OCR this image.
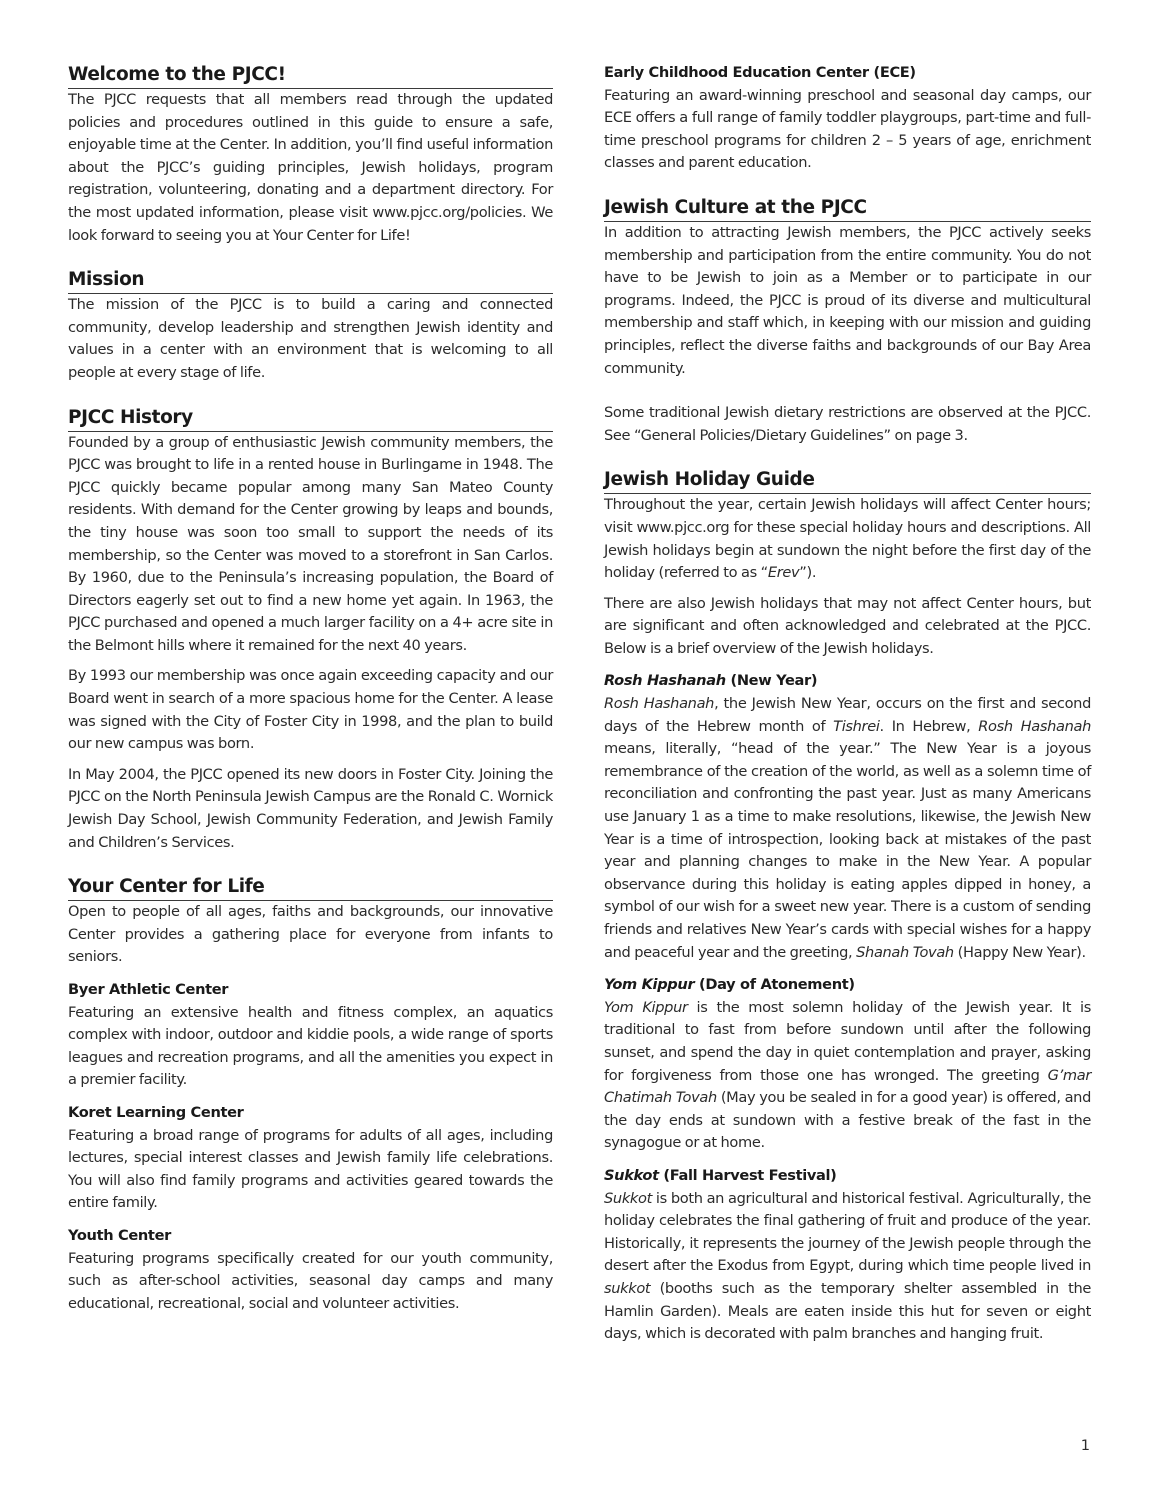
Welcome to the PJCC!

The PJCC requests that all members read through the updated policies and procedures outlined in this guide to ensure a safe, enjoyable time at the Center. In addition, you’ll find useful information about the PJCC’s guiding principles, Jewish holidays, program registration, volunteering, donating and a department directory. For the most updated information, please visit www.pjcc.org/policies. We look forward to seeing you at Your Center for Life!

Mission

The mission of the PJCC is to build a caring and connected community, develop leadership and strengthen Jewish identity and values in a center with an environment that is welcoming to all people at every stage of life.

PJCC History

Founded by a group of enthusiastic Jewish community members, the PJCC was brought to life in a rented house in Burlingame in 1948. The PJCC quickly became popular among many San Mateo County residents. With demand for the Center growing by leaps and bounds, the tiny house was soon too small to support the needs of its membership, so the Center was moved to a storefront in San Carlos. By 1960, due to the Peninsula’s increasing population, the Board of Directors eagerly set out to find a new home yet again. In 1963, the PJCC purchased and opened a much larger facility on a 4+ acre site in the Belmont hills where it remained for the next 40 years.

By 1993 our membership was once again exceeding capacity and our Board went in search of a more spacious home for the Center. A lease was signed with the City of Foster City in 1998, and the plan to build our new campus was born.

In May 2004, the PJCC opened its new doors in Foster City. Joining the PJCC on the North Peninsula Jewish Campus are the Ronald C. Wornick Jewish Day School, Jewish Community Federation, and Jewish Family and Children’s Services.

Your Center for Life

Open to people of all ages, faiths and backgrounds, our innovative Center provides a gathering place for everyone from infants to seniors.

Byer Athletic Center

Featuring an extensive health and fitness complex, an aquatics complex with indoor, outdoor and kiddie pools, a wide range of sports leagues and recreation programs, and all the amenities you expect in a premier facility.

Koret Learning Center

Featuring a broad range of programs for adults of all ages, including lectures, special interest classes and Jewish family life celebrations. You will also find family programs and activities geared towards the entire family.

Youth Center

Featuring programs specifically created for our youth community, such as after-school activities, seasonal day camps and many educational, recreational, social and volunteer activities.

Early Childhood Education Center (ECE)

Featuring an award-winning preschool and seasonal day camps, our ECE offers a full range of family toddler playgroups, part-time and full-time preschool programs for children 2 – 5 years of age, enrichment classes and parent education.

Jewish Culture at the PJCC

In addition to attracting Jewish members, the PJCC actively seeks membership and participation from the entire community. You do not have to be Jewish to join as a Member or to participate in our programs. Indeed, the PJCC is proud of its diverse and multicultural membership and staff which, in keeping with our mission and guiding principles, reflect the diverse faiths and backgrounds of our Bay Area community.

Some traditional Jewish dietary restrictions are observed at the PJCC. See “General Policies/Dietary Guidelines” on page 3.

Jewish Holiday Guide

Throughout the year, certain Jewish holidays will affect Center hours; visit www.pjcc.org for these special holiday hours and descriptions. All Jewish holidays begin at sundown the night before the first day of the holiday (referred to as “Erev”).

There are also Jewish holidays that may not affect Center hours, but are significant and often acknowledged and celebrated at the PJCC. Below is a brief overview of the Jewish holidays.

Rosh Hashanah (New Year)

Rosh Hashanah, the Jewish New Year, occurs on the first and second days of the Hebrew month of Tishrei. In Hebrew, Rosh Hashanah means, literally, “head of the year.” The New Year is a joyous remembrance of the creation of the world, as well as a solemn time of reconciliation and confronting the past year. Just as many Americans use January 1 as a time to make resolutions, likewise, the Jewish New Year is a time of introspection, looking back at mistakes of the past year and planning changes to make in the New Year. A popular observance during this holiday is eating apples dipped in honey, a symbol of our wish for a sweet new year. There is a custom of sending friends and relatives New Year’s cards with special wishes for a happy and peaceful year and the greeting, Shanah Tovah (Happy New Year).

Yom Kippur (Day of Atonement)

Yom Kippur is the most solemn holiday of the Jewish year. It is traditional to fast from before sundown until after the following sunset, and spend the day in quiet contemplation and prayer, asking for forgiveness from those one has wronged. The greeting G’mar Chatimah Tovah (May you be sealed in for a good year) is offered, and the day ends at sundown with a festive break of the fast in the synagogue or at home.

Sukkot (Fall Harvest Festival)

Sukkot is both an agricultural and historical festival. Agriculturally, the holiday celebrates the final gathering of fruit and produce of the year. Historically, it represents the journey of the Jewish people through the desert after the Exodus from Egypt, during which time people lived in sukkot (booths such as the temporary shelter assembled in the Hamlin Garden). Meals are eaten inside this hut for seven or eight days, which is decorated with palm branches and hanging fruit.

1
